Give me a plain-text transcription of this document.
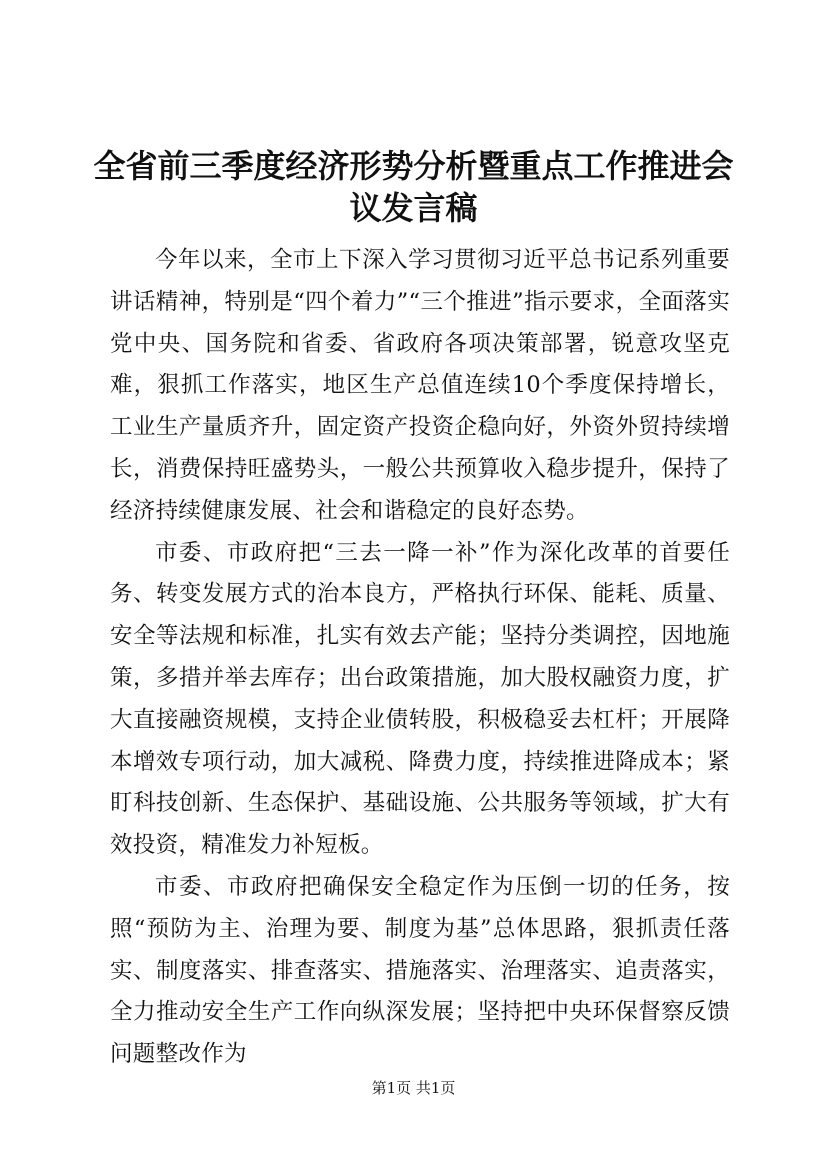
全省前三季度经济形势分析暨重点工作推进会议发言稿

今年以来，全市上下深入学习贯彻习近平总书记系列重要讲话精神，特别是“四个着力”“三个推进”指示要求，全面落实党中央、国务院和省委、省政府各项决策部署，锐意攻坚克难，狠抓工作落实，地区生产总值连续10个季度保持增长，工业生产量质齐升，固定资产投资企稳向好，外资外贸持续增长，消费保持旺盛势头，一般公共预算收入稳步提升，保持了经济持续健康发展、社会和谐稳定的良好态势。

市委、市政府把“三去一降一补”作为深化改革的首要任务、转变发展方式的治本良方，严格执行环保、能耗、质量、安全等法规和标准，扎实有效去产能；坚持分类调控，因地施策，多措并举去库存；出台政策措施，加大股权融资力度，扩大直接融资规模，支持企业债转股，积极稳妥去杠杆；开展降本增效专项行动，加大减税、降费力度，持续推进降成本；紧盯科技创新、生态保护、基础设施、公共服务等领域，扩大有效投资，精准发力补短板。

市委、市政府把确保安全稳定作为压倒一切的任务，按照“预防为主、治理为要、制度为基”总体思路，狠抓责任落实、制度落实、排查落实、措施落实、治理落实、追责落实，全力推动安全生产工作向纵深发展；坚持把中央环保督察反馈问题整改作为

第1页 共1页
